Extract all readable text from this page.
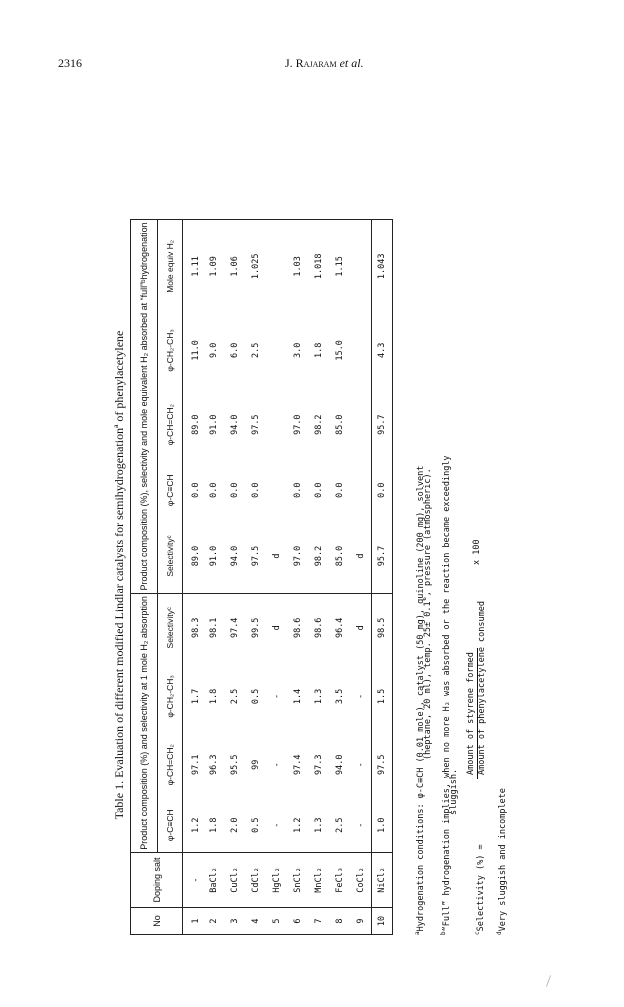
2316	J. Rajaram et al.
Table 1. Evaluation of different modified Lindlar catalysts for semihydrogenationª of phenylacetylene
No	Doping salt	Product composition (%) and selectivity at 1 mole H₂ absorption				Product composition (%), selectivity and mole equivalent H₂ absorbed at “full”ᵇhydrogenation				
		φ-C≡CH	φ-CH=CH₂	φ-CH₂-CH₃	Selectivityᶜ	Selectivityᶜ	φ-C≡CH	φ-CH=CH₂	φ-CH₂-CH₃	Mole equiv H₂
1	-	1.2	97.1	1.7	98.3	89.0	0.0	89.0	11.0	1.11
2	BaCl₂	1.8	96.3	1.8	98.1	91.0	0.0	91.0	9.0	1.09
3	CuCl₂	2.0	95.5	2.5	97.4	94.0	0.0	94.0	6.0	1.06
4	CdCl₂	0.5	99	0.5	99.5	97.5	0.0	97.5	2.5	1.025
5	HgCl₂	-	-	-	d	d				
6	SnCl₂	1.2	97.4	1.4	98.6	97.0	0.0	97.0	3.0	1.03
7	MnCl₂	1.3	97.3	1.3	98.6	98.2	0.0	98.2	1.8	1.018
8	FeCl₃	2.5	94.0	3.5	96.4	85.0	0.0	85.0	15.0	1.15
9	CoCl₂	-	-	-	d	d				
10	NiCl₂	1.0	97.5	1.5	98.5	95.7	0.0	95.7	4.3	1.043
$^a$Hydrogenation conditions: φ-C≡CH (0.01 mole), catalyst (50 mg), quinoline (200 mg), solvent
(heptane, 20 ml), temp. 25± 0.1°, pressure (atmospheric).
$^b$“Full” hydrogenation implies, when no more H₂ was absorbed or the reaction became exceedingly
sluggish.
$^c$Selectivity (%) =
Amount of styrene formed Amount of phenylacetylene consumed
x 100
$^d$Very sluggish and incomplete
